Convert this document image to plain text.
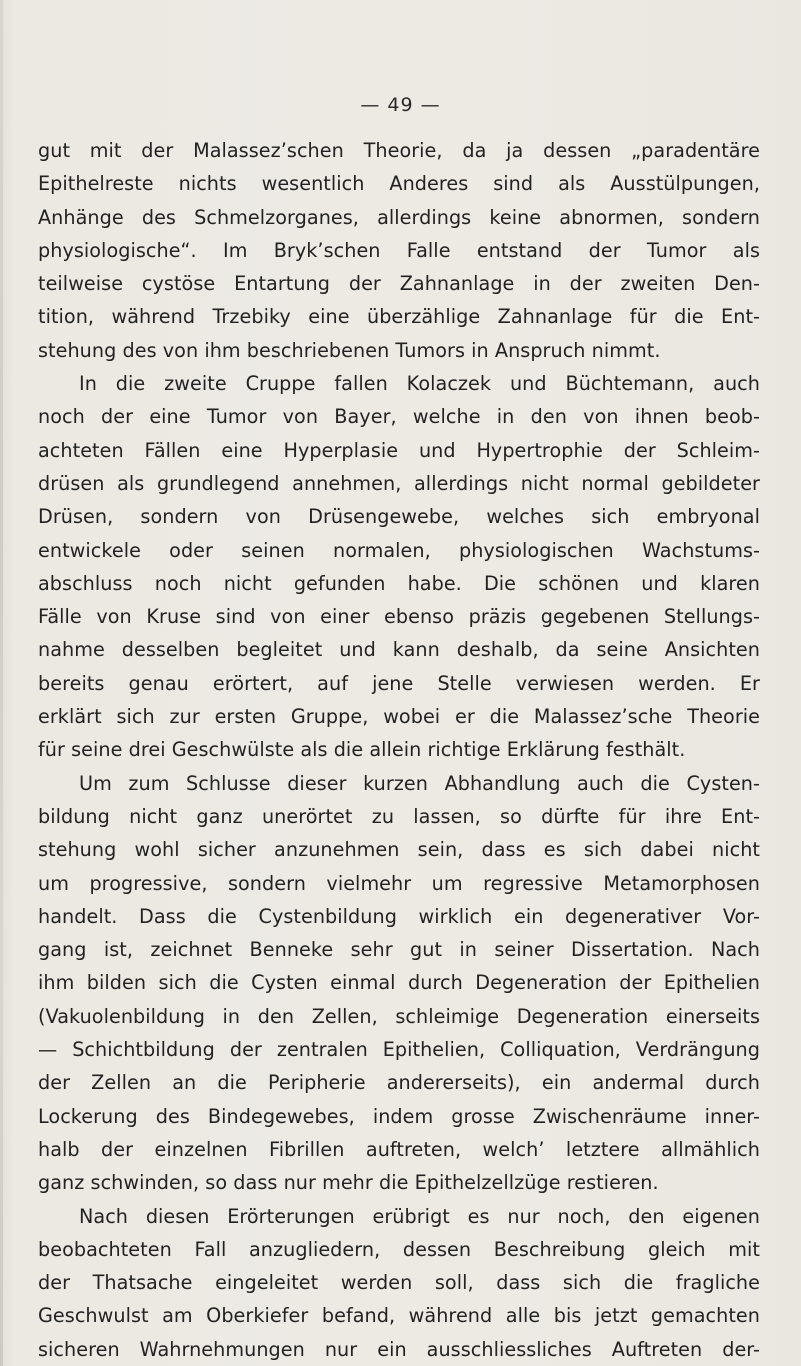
— 49 —
gut mit der Malassez’schen Theorie, da ja dessen „paradentäre
Epithelreste nichts wesentlich Anderes sind als Ausstülpungen,
Anhänge des Schmelzorganes, allerdings keine abnormen, sondern
physiologische“. Im Bryk’schen Falle entstand der Tumor als
teilweise cystöse Entartung der Zahnanlage in der zweiten Den-
tition, während Trzebiky eine überzählige Zahnanlage für die Ent-
stehung des von ihm beschriebenen Tumors in Anspruch nimmt.
In die zweite Cruppe fallen Kolaczek und Büchtemann, auch
noch der eine Tumor von Bayer, welche in den von ihnen beob-
achteten Fällen eine Hyperplasie und Hypertrophie der Schleim-
drüsen als grundlegend annehmen, allerdings nicht normal gebildeter
Drüsen, sondern von Drüsengewebe, welches sich embryonal
entwickele oder seinen normalen, physiologischen Wachstums-
abschluss noch nicht gefunden habe. Die schönen und klaren
Fälle von Kruse sind von einer ebenso präzis gegebenen Stellungs-
nahme desselben begleitet und kann deshalb, da seine Ansichten
bereits genau erörtert, auf jene Stelle verwiesen werden. Er
erklärt sich zur ersten Gruppe, wobei er die Malassez’sche Theorie
für seine drei Geschwülste als die allein richtige Erklärung festhält.
Um zum Schlusse dieser kurzen Abhandlung auch die Cysten-
bildung nicht ganz unerörtet zu lassen, so dürfte für ihre Ent-
stehung wohl sicher anzunehmen sein, dass es sich dabei nicht
um progressive, sondern vielmehr um regressive Metamorphosen
handelt. Dass die Cystenbildung wirklich ein degenerativer Vor-
gang ist, zeichnet Benneke sehr gut in seiner Dissertation. Nach
ihm bilden sich die Cysten einmal durch Degeneration der Epithelien
(Vakuolenbildung in den Zellen, schleimige Degeneration einerseits
— Schichtbildung der zentralen Epithelien, Colliquation, Verdrängung
der Zellen an die Peripherie andererseits), ein andermal durch
Lockerung des Bindegewebes, indem grosse Zwischenräume inner-
halb der einzelnen Fibrillen auftreten, welch’ letztere allmählich
ganz schwinden, so dass nur mehr die Epithelzellzüge restieren.
Nach diesen Erörterungen erübrigt es nur noch, den eigenen
beobachteten Fall anzugliedern, dessen Beschreibung gleich mit
der Thatsache eingeleitet werden soll, dass sich die fragliche
Geschwulst am Oberkiefer befand, während alle bis jetzt gemachten
sicheren Wahrnehmungen nur ein ausschliessliches Auftreten der-
